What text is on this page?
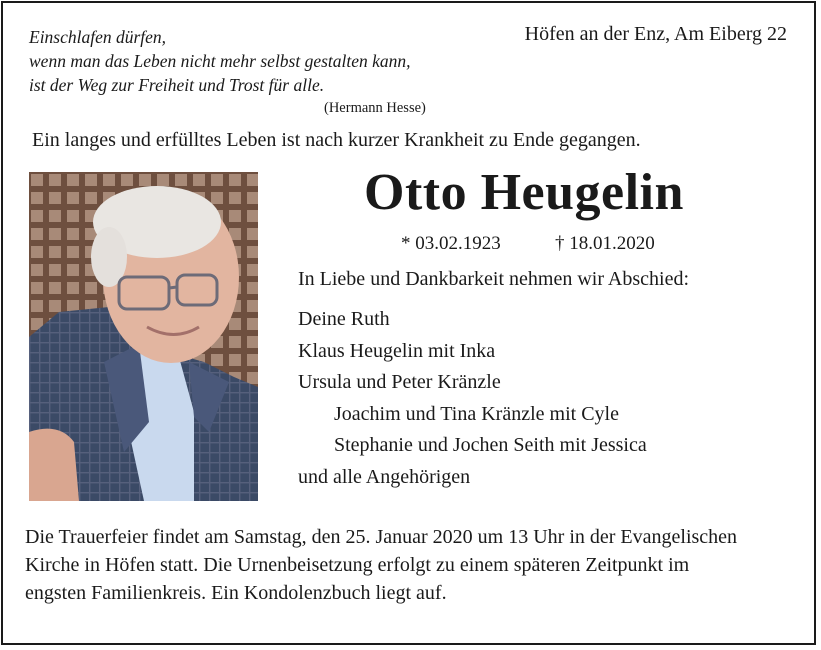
Einschlafen dürfen,
wenn man das Leben nicht mehr selbst gestalten kann,
ist der Weg zur Freiheit und Trost für alle.
(Hermann Hesse)
Höfen an der Enz, Am Eiberg 22
Ein langes und erfülltes Leben ist nach kurzer Krankheit zu Ende gegangen.
Otto Heugelin
* 03.02.1923	† 18.01.2020
In Liebe und Dankbarkeit nehmen wir Abschied:
Deine Ruth
Klaus Heugelin mit Inka
Ursula und Peter Kränzle
Joachim und Tina Kränzle mit Cyle
Stephanie und Jochen Seith mit Jessica
und alle Angehörigen
Die Trauerfeier findet am Samstag, den 25. Januar 2020 um 13 Uhr in der Evangelischen
Kirche in Höfen statt. Die Urnenbeisetzung erfolgt zu einem späteren Zeitpunkt im
engsten Familienkreis. Ein Kondolenzbuch liegt auf.
